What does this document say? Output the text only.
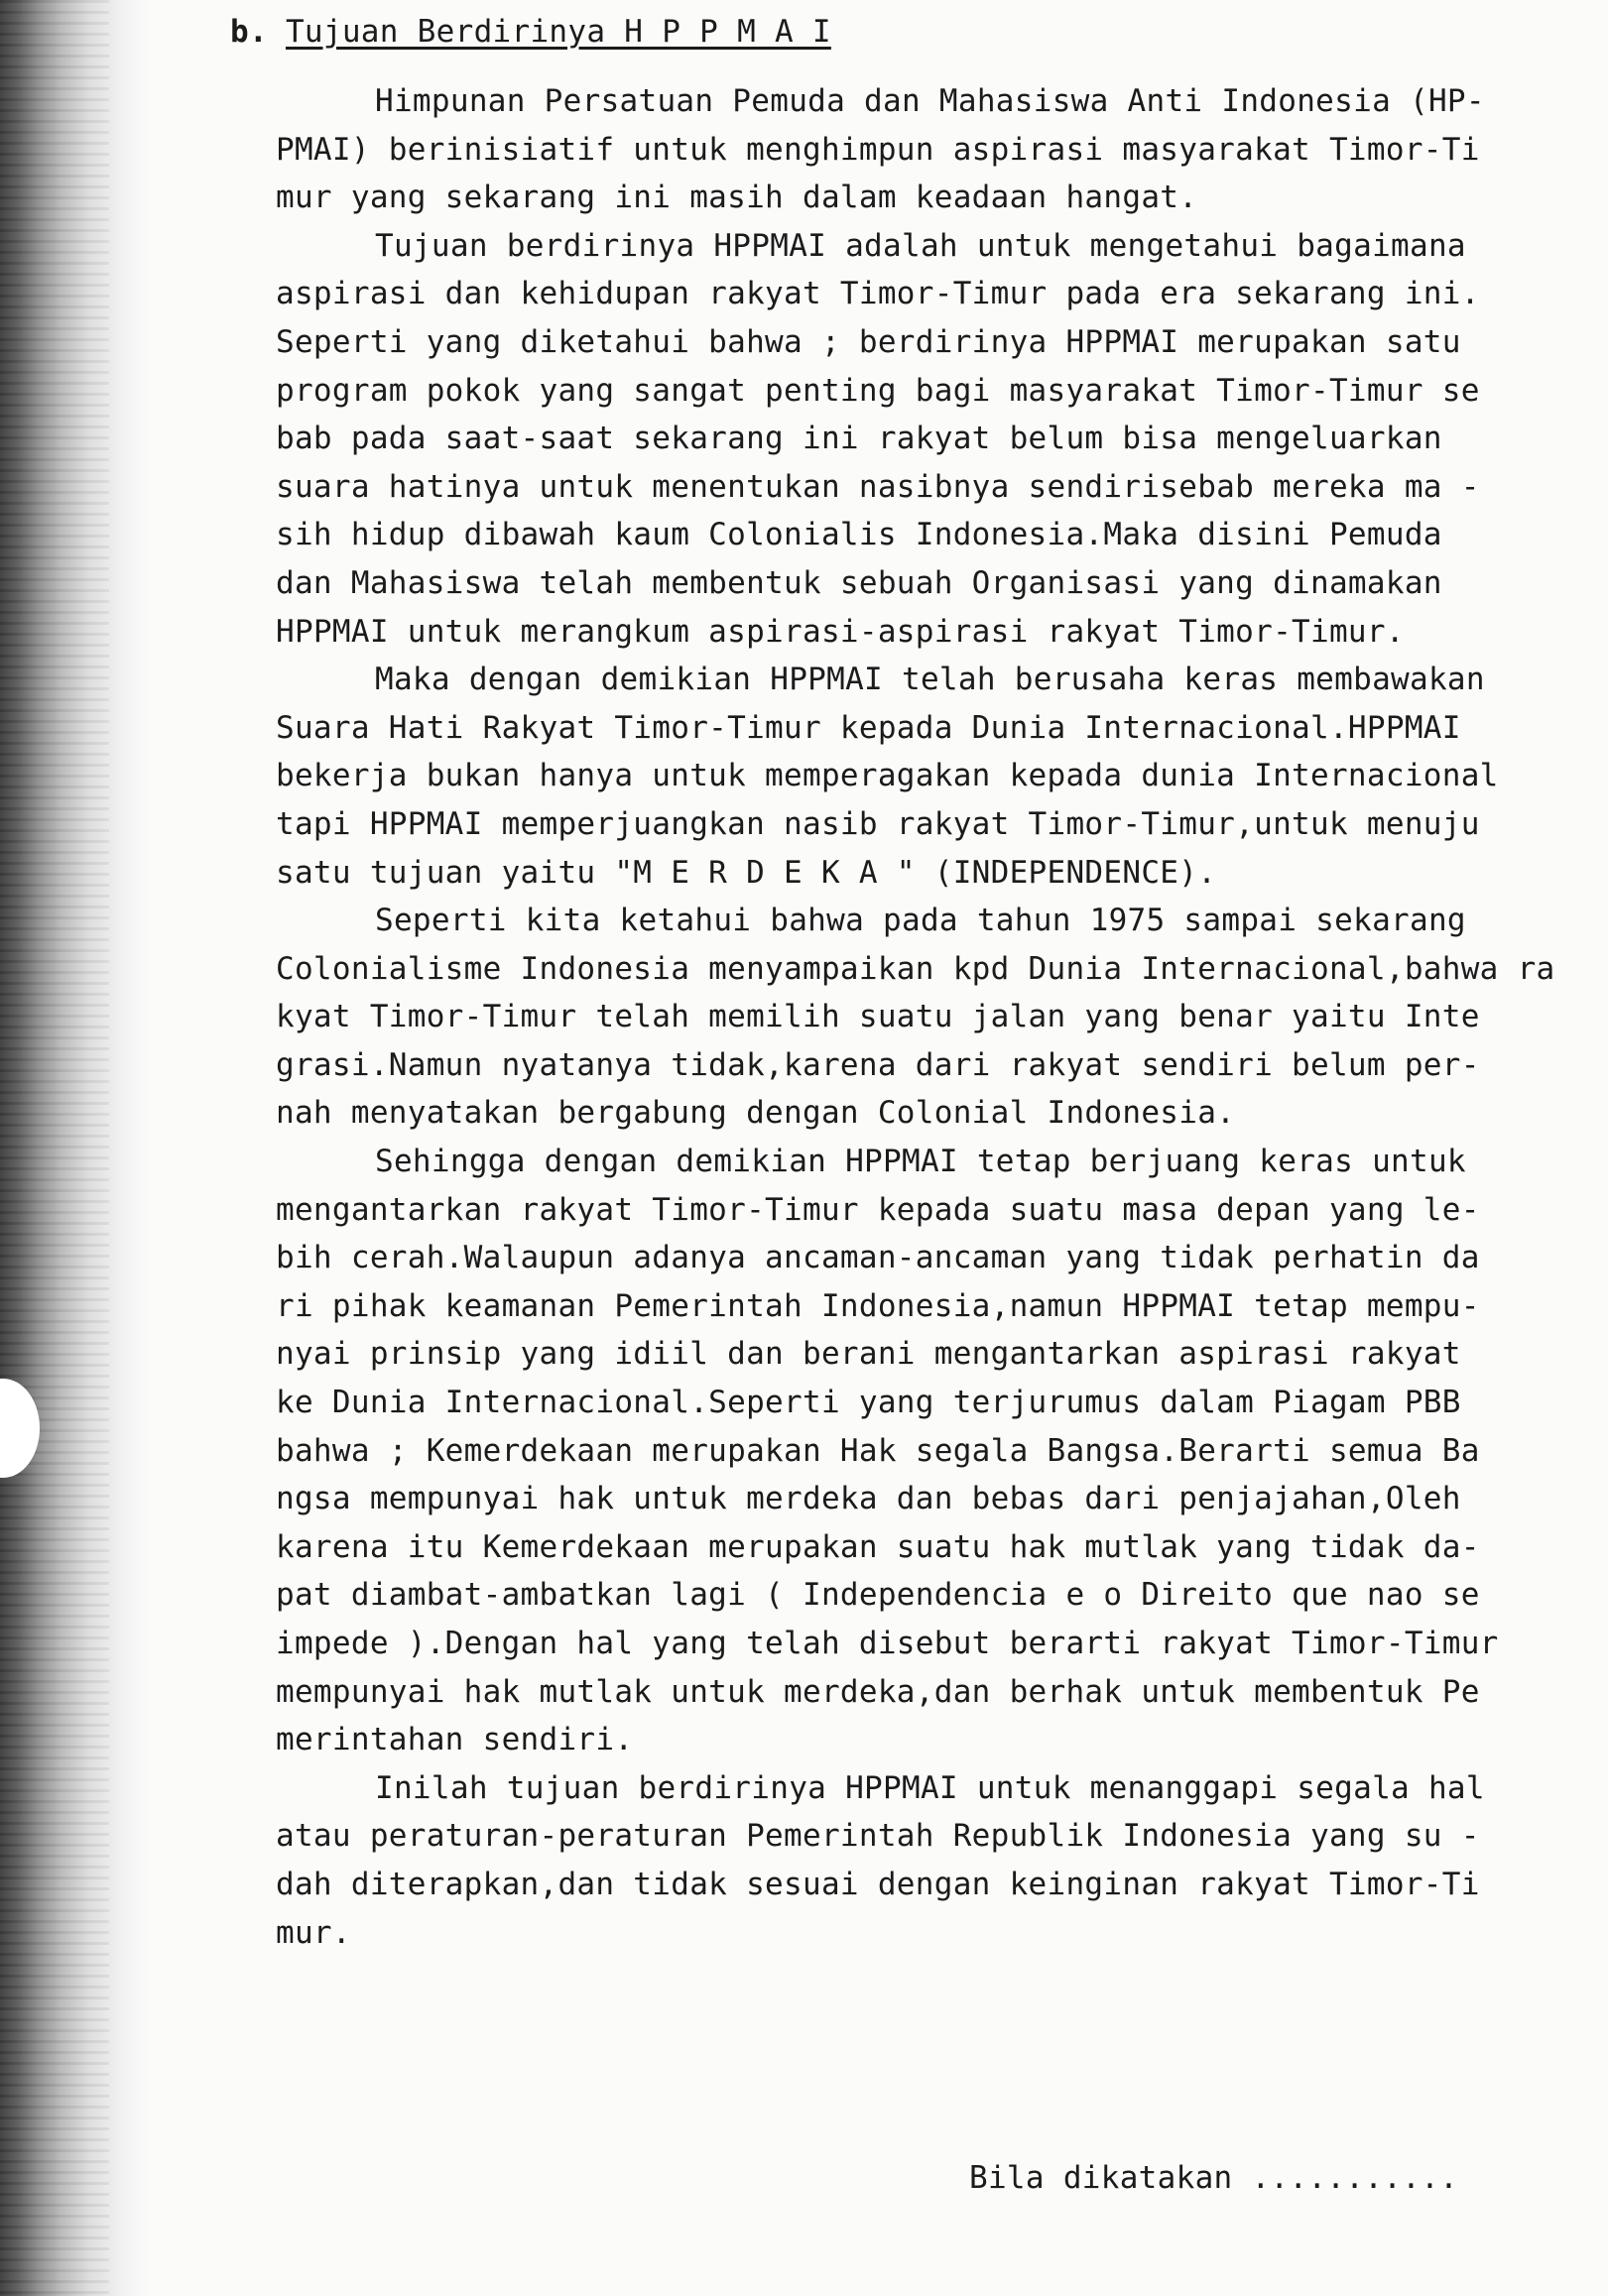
b. Tujuan Berdirinya H P P M A I
Himpunan Persatuan Pemuda dan Mahasiswa Anti Indonesia (HP-
PMAI) berinisiatif untuk menghimpun aspirasi masyarakat Timor-Ti
mur yang sekarang ini masih dalam keadaan hangat.
Tujuan berdirinya HPPMAI adalah untuk mengetahui bagaimana
aspirasi dan kehidupan rakyat Timor-Timur pada era sekarang ini.
Seperti yang diketahui bahwa ; berdirinya HPPMAI merupakan satu
program pokok yang sangat penting bagi masyarakat Timor-Timur se
bab pada saat-saat sekarang ini rakyat belum bisa mengeluarkan
suara hatinya untuk menentukan nasibnya sendirisebab mereka ma -
sih hidup dibawah kaum Colonialis Indonesia.Maka disini Pemuda
dan Mahasiswa telah membentuk sebuah Organisasi yang dinamakan
HPPMAI untuk merangkum aspirasi-aspirasi rakyat Timor-Timur.
Maka dengan demikian HPPMAI telah berusaha keras membawakan
Suara Hati Rakyat Timor-Timur kepada Dunia Internacional.HPPMAI
bekerja bukan hanya untuk memperagakan kepada dunia Internacional
tapi HPPMAI memperjuangkan nasib rakyat Timor-Timur,untuk menuju
satu tujuan yaitu "M E R D E K A " (INDEPENDENCE).
Seperti kita ketahui bahwa pada tahun 1975 sampai sekarang
Colonialisme Indonesia menyampaikan kpd Dunia Internacional,bahwa ra
kyat Timor-Timur telah memilih suatu jalan yang benar yaitu Inte
grasi.Namun nyatanya tidak,karena dari rakyat sendiri belum per-
nah menyatakan bergabung dengan Colonial Indonesia.
Sehingga dengan demikian HPPMAI tetap berjuang keras untuk
mengantarkan rakyat Timor-Timur kepada suatu masa depan yang le-
bih cerah.Walaupun adanya ancaman-ancaman yang tidak perhatin da
ri pihak keamanan Pemerintah Indonesia,namun HPPMAI tetap mempu-
nyai prinsip yang idiil dan berani mengantarkan aspirasi rakyat
ke Dunia Internacional.Seperti yang terjurumus dalam Piagam PBB
bahwa ; Kemerdekaan merupakan Hak segala Bangsa.Berarti semua Ba
ngsa mempunyai hak untuk merdeka dan bebas dari penjajahan,Oleh
karena itu Kemerdekaan merupakan suatu hak mutlak yang tidak da-
pat diambat-ambatkan lagi ( Independencia e o Direito que nao se
impede ).Dengan hal yang telah disebut berarti rakyat Timor-Timur
mempunyai hak mutlak untuk merdeka,dan berhak untuk membentuk Pe
merintahan sendiri.
Inilah tujuan berdirinya HPPMAI untuk menanggapi segala hal
atau peraturan-peraturan Pemerintah Republik Indonesia yang su -
dah diterapkan,dan tidak sesuai dengan keinginan rakyat Timor-Ti
mur.
Bila dikatakan ...........
